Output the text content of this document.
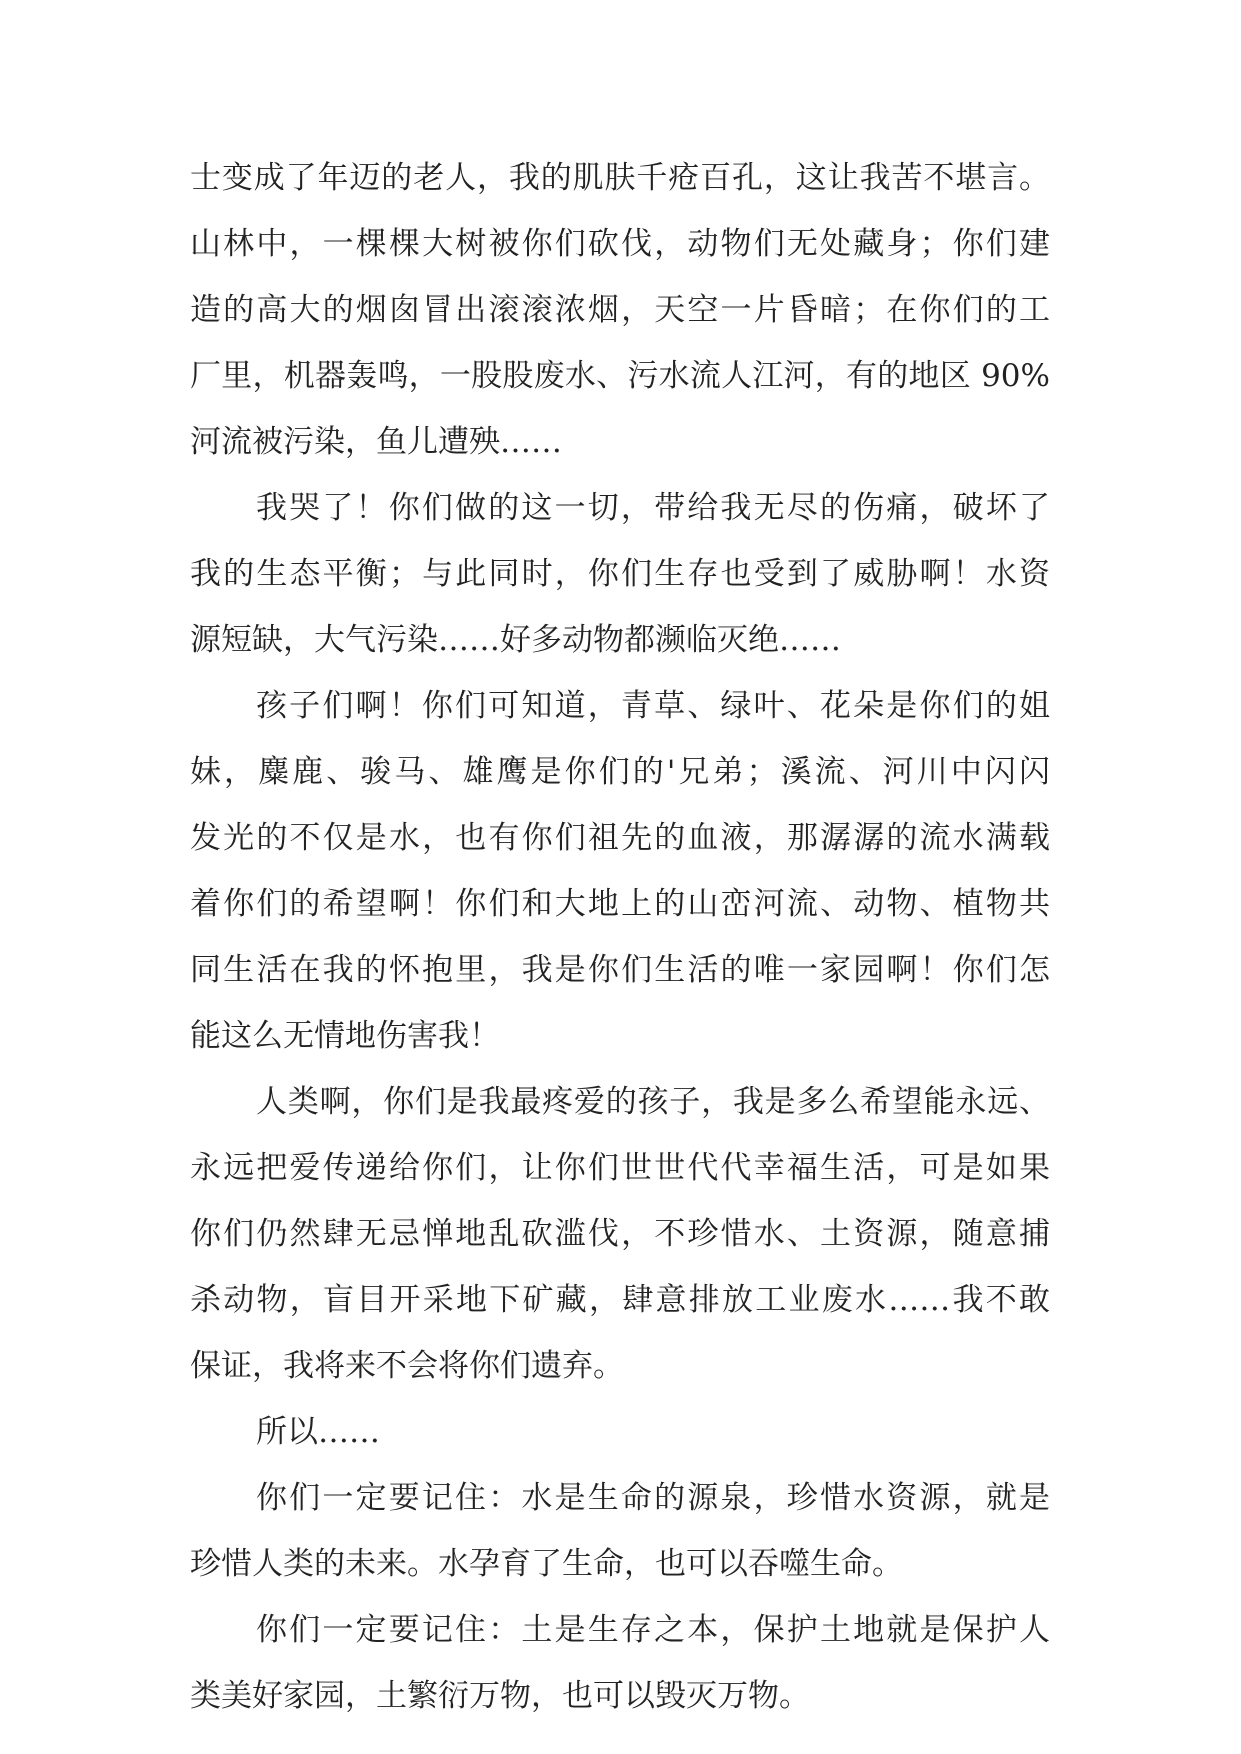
士变成了年迈的老人，我的肌肤千疮百孔，这让我苦不堪言。
山林中，一棵棵大树被你们砍伐，动物们无处藏身；你们建
造的高大的烟囱冒出滚滚浓烟，天空一片昏暗；在你们的工
厂里，机器轰鸣，一股股废水、污水流人江河，有的地区 90%
河流被污染，鱼儿遭殃……
我哭了！你们做的这一切，带给我无尽的伤痛，破坏了
我的生态平衡；与此同时，你们生存也受到了威胁啊！水资
源短缺，大气污染……好多动物都濒临灭绝……
孩子们啊！你们可知道，青草、绿叶、花朵是你们的姐
妹，麋鹿、骏马、雄鹰是你们的'兄弟；溪流、河川中闪闪
发光的不仅是水，也有你们祖先的血液，那潺潺的流水满载
着你们的希望啊！你们和大地上的山峦河流、动物、植物共
同生活在我的怀抱里，我是你们生活的唯一家园啊！你们怎
能这么无情地伤害我！
人类啊，你们是我最疼爱的孩子，我是多么希望能永远、
永远把爱传递给你们，让你们世世代代幸福生活，可是如果
你们仍然肆无忌惮地乱砍滥伐，不珍惜水、土资源，随意捕
杀动物，盲目开采地下矿藏，肆意排放工业废水……我不敢
保证，我将来不会将你们遗弃。
所以……
你们一定要记住：水是生命的源泉，珍惜水资源，就是
珍惜人类的未来。水孕育了生命，也可以吞噬生命。
你们一定要记住：土是生存之本，保护土地就是保护人
类美好家园，土繁衍万物，也可以毁灭万物。
